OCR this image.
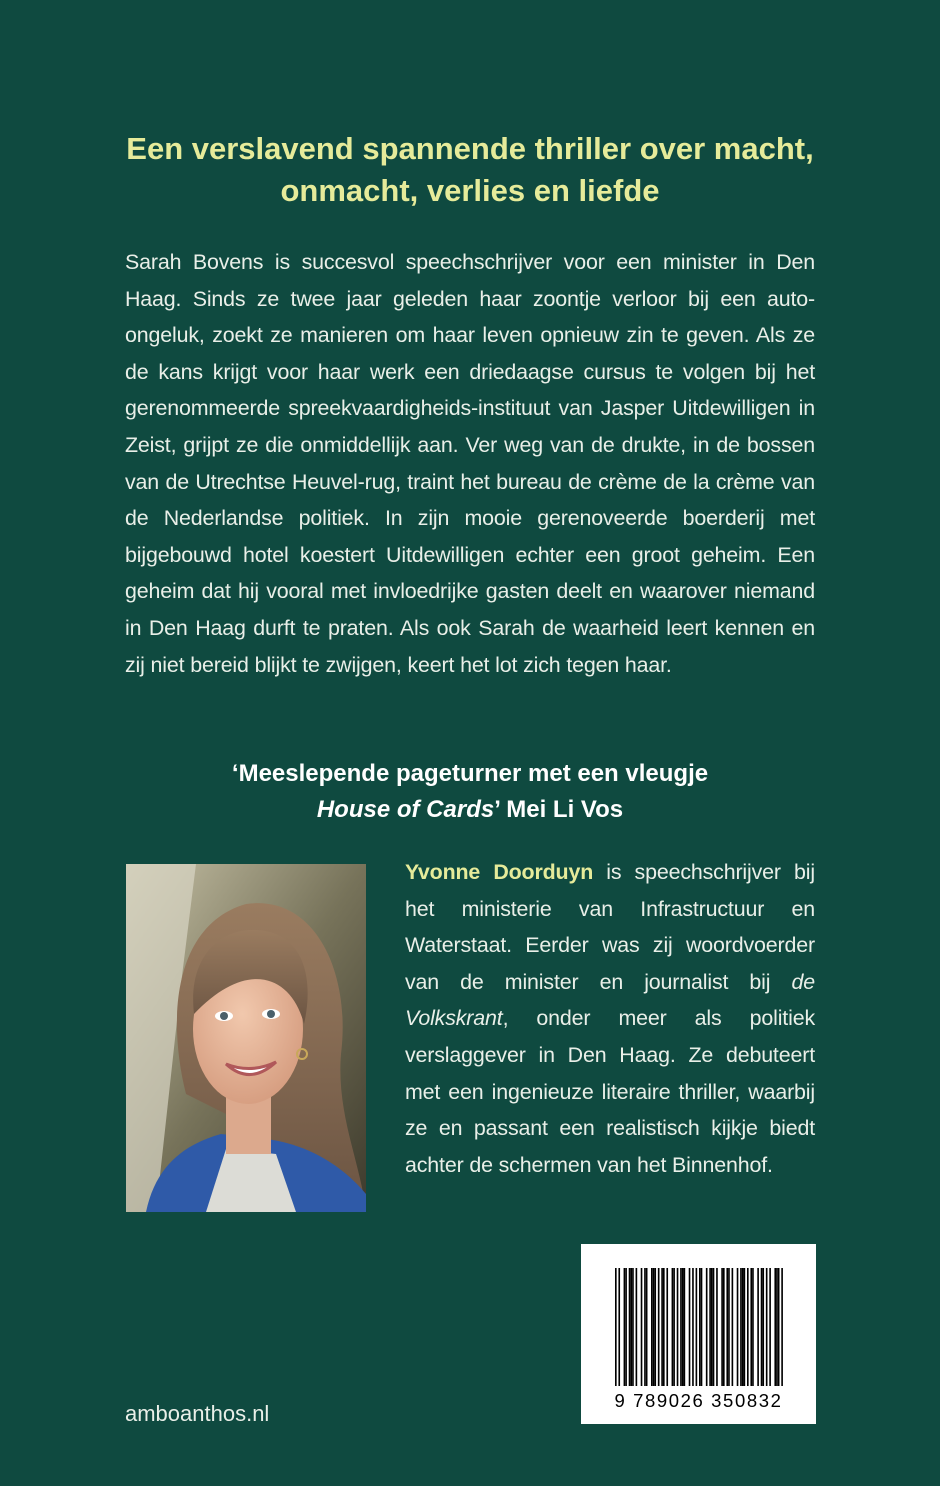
Een verslavend spannende thriller over macht,
onmacht, verlies en liefde
Sarah Bovens is succesvol speechschrijver voor een minister in Den Haag. Sinds ze twee jaar geleden haar zoontje verloor bij een auto-ongeluk, zoekt ze manieren om haar leven opnieuw zin te geven. Als ze de kans krijgt voor haar werk een driedaagse cursus te volgen bij het gerenommeerde spreekvaardigheids-instituut van Jasper Uitdewilligen in Zeist, grijpt ze die onmiddellijk aan. Ver weg van de drukte, in de bossen van de Utrechtse Heuvel-rug, traint het bureau de crème de la crème van de Nederlandse politiek. In zijn mooie gerenoveerde boerderij met bijgebouwd hotel koestert Uitdewilligen echter een groot geheim. Een geheim dat hij vooral met invloedrijke gasten deelt en waarover niemand in Den Haag durft te praten. Als ook Sarah de waarheid leert kennen en zij niet bereid blijkt te zwijgen, keert het lot zich tegen haar.
‘Meeslepende pageturner met een vleugje
House of Cards’ Mei Li Vos
Yvonne Doorduyn is speechschrijver bij het ministerie van Infrastructuur en Waterstaat. Eerder was zij woordvoerder van de minister en journalist bij de Volkskrant, onder meer als politiek verslaggever in Den Haag. Ze debuteert met een ingenieuze literaire thriller, waarbij ze en passant een realistisch kijkje biedt achter de schermen van het Binnenhof.
9 789026 350832
amboanthos.nl
